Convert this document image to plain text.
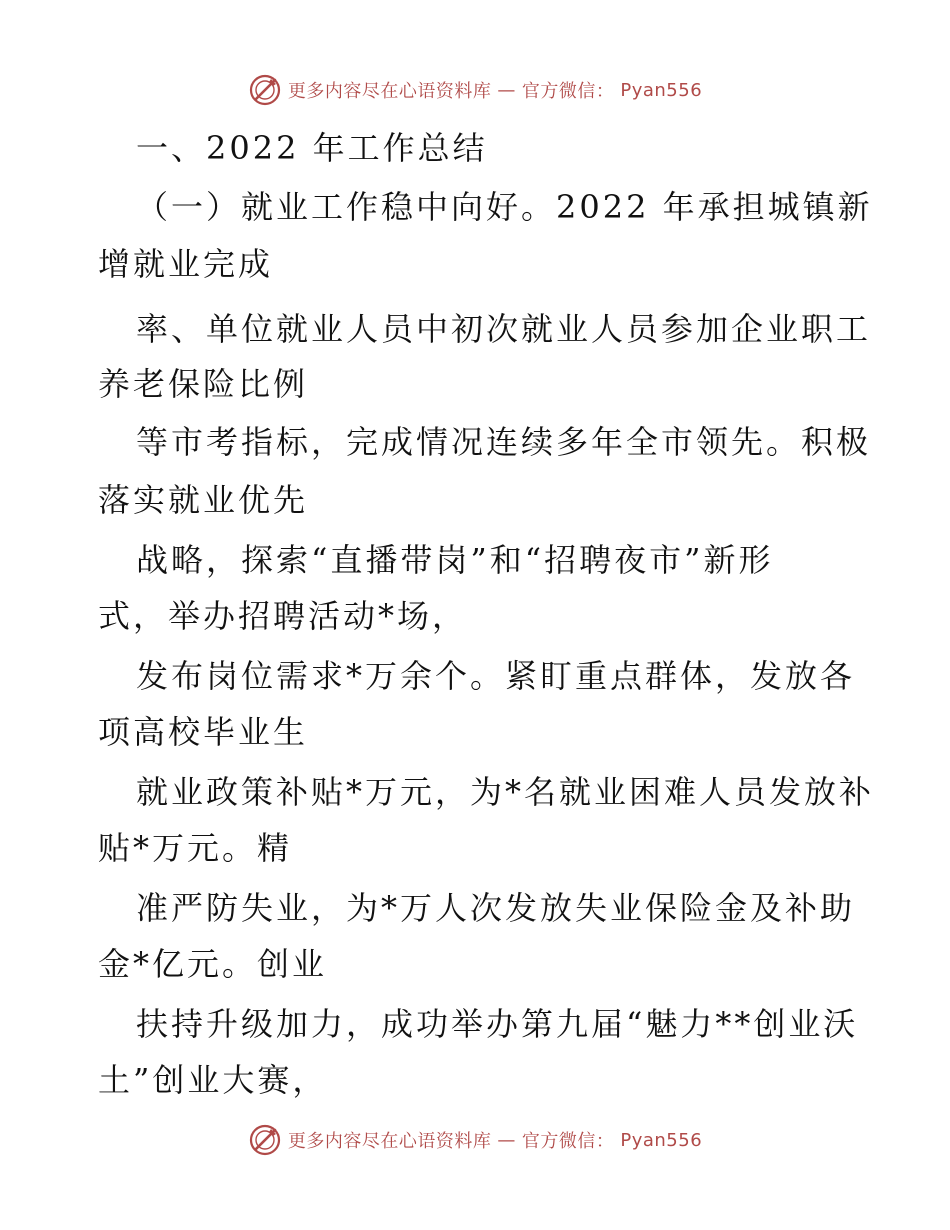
更多内容尽在心语资料库 — 官方微信： Pyan556
一、2022 年工作总结
（一）就业工作稳中向好。2022 年承担城镇新
增就业完成
率、单位就业人员中初次就业人员参加企业职工
养老保险比例
等市考指标，完成情况连续多年全市领先。积极
落实就业优先
战略，探索“直播带岗”和“招聘夜市”新形
式，举办招聘活动*场，
发布岗位需求*万余个。紧盯重点群体，发放各
项高校毕业生
就业政策补贴*万元，为*名就业困难人员发放补
贴*万元。精
准严防失业，为*万人次发放失业保险金及补助
金*亿元。创业
扶持升级加力，成功举办第九届“魅力**创业沃
土”创业大赛，
更多内容尽在心语资料库 — 官方微信： Pyan556
